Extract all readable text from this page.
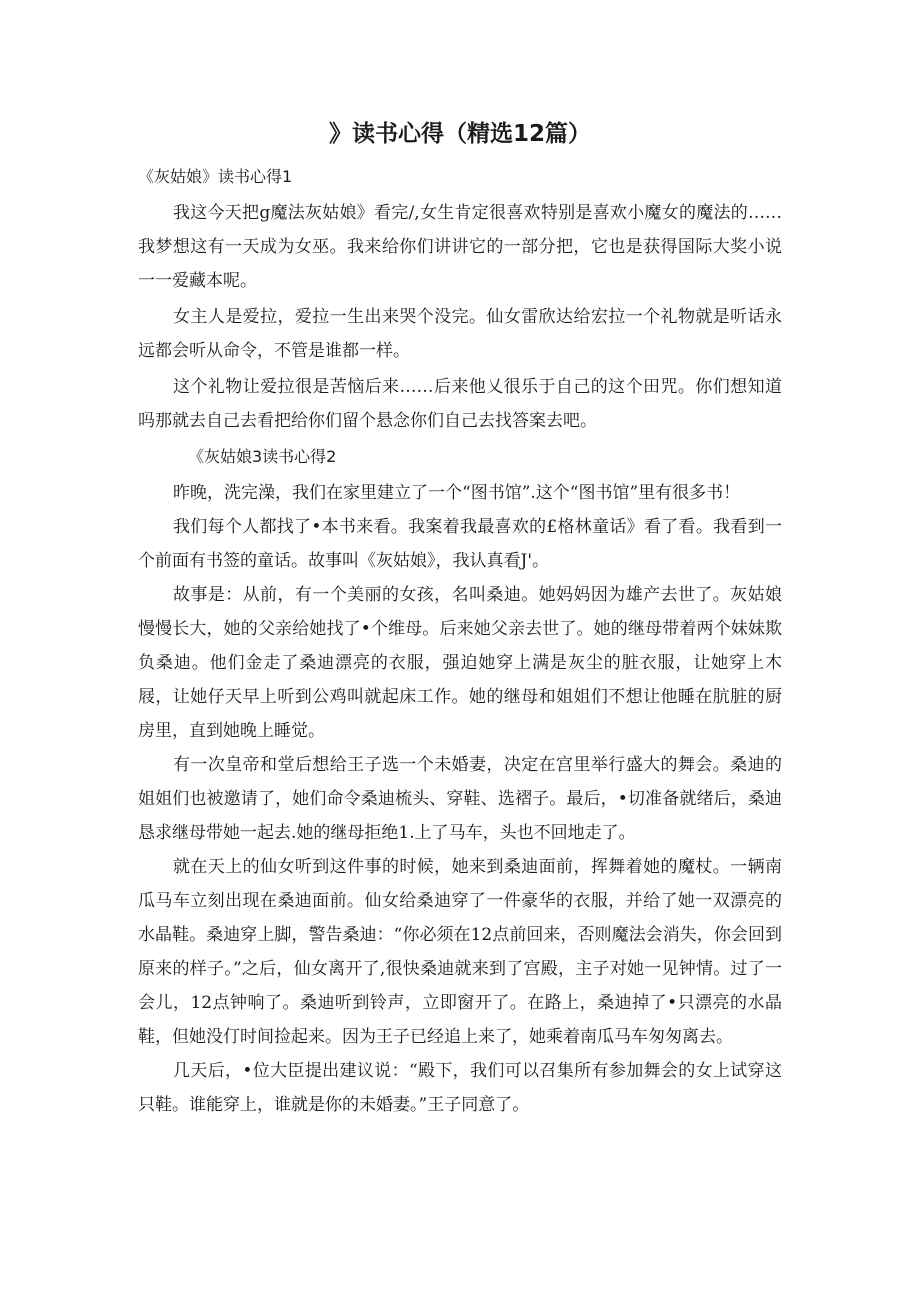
》读书心得（精选12篇）

《灰姑娘》读书心得1

我这今天把g魔法灰姑娘》看完/,女生肯定很喜欢特别是喜欢小魔女的魔法的……我梦想这有一天成为女巫。我来给你们讲讲它的一部分把，它也是获得国际大奖小说一一爱藏本呢。

女主人是爱拉，爱拉一生出来哭个没完。仙女雷欣达给宏拉一个礼物就是听话永远都会听从命令，不管是谁都一样。

这个礼物让爱拉很是苦恼后来……后来他乂很乐于自己的这个田咒。你们想知道吗那就去自己去看把给你们留个悬念你们自己去找答案去吧。

《灰姑娘3读书心得2

昨晚，洗完澡，我们在家里建立了一个“图书馆”.这个“图书馆”里有很多书！

我们每个人都找了•本书来看。我案着我最喜欢的£格林童话》看了看。我看到一个前面有书签的童话。故事叫《灰姑娘》，我认真看J'。

故事是：从前，有一个美丽的女孩，名叫桑迪。她妈妈因为雄产去世了。灰姑娘慢慢长大，她的父亲给她找了•个维母。后来她父亲去世了。她的继母带着两个妹妹欺负桑迪。他们金走了桑迪漂亮的衣服，强迫她穿上满是灰尘的脏衣服，让她穿上木屐，让她仔天早上听到公鸡叫就起床工作。她的继母和姐姐们不想让他睡在肮脏的厨房里，直到她晚上睡觉。

有一次皇帝和堂后想给王子选一个未婚妻，决定在宫里举行盛大的舞会。桑迪的姐姐们也被邀请了，她们命令桑迪梳头、穿鞋、选褶子。最后，•切准备就绪后，桑迪恳求继母带她一起去.她的继母拒绝1.上了马车，头也不回地走了。

就在天上的仙女听到这件事的时候，她来到桑迪面前，挥舞着她的魔杖。一辆南瓜马车立刻出现在桑迪面前。仙女给桑迪穿了一件豪华的衣服，并给了她一双漂亮的水晶鞋。桑迪穿上脚，警告桑迪：“你必须在12点前回来，否则魔法会消失，你会回到原来的样子。”之后，仙女离开了,很快桑迪就来到了宫殿，主子对她一见钟情。过了一会儿，12点钟响了。桑迪听到铃声，立即窗开了。在路上，桑迪掉了•只漂亮的水晶鞋，但她没仃时间捡起来。因为王子已经追上来了，她乘着南瓜马车匆匆离去。

几天后，•位大臣提出建议说：“殿下，我们可以召集所有参加舞会的女上试穿这只鞋。谁能穿上，谁就是你的未婚妻。”王子同意了。
